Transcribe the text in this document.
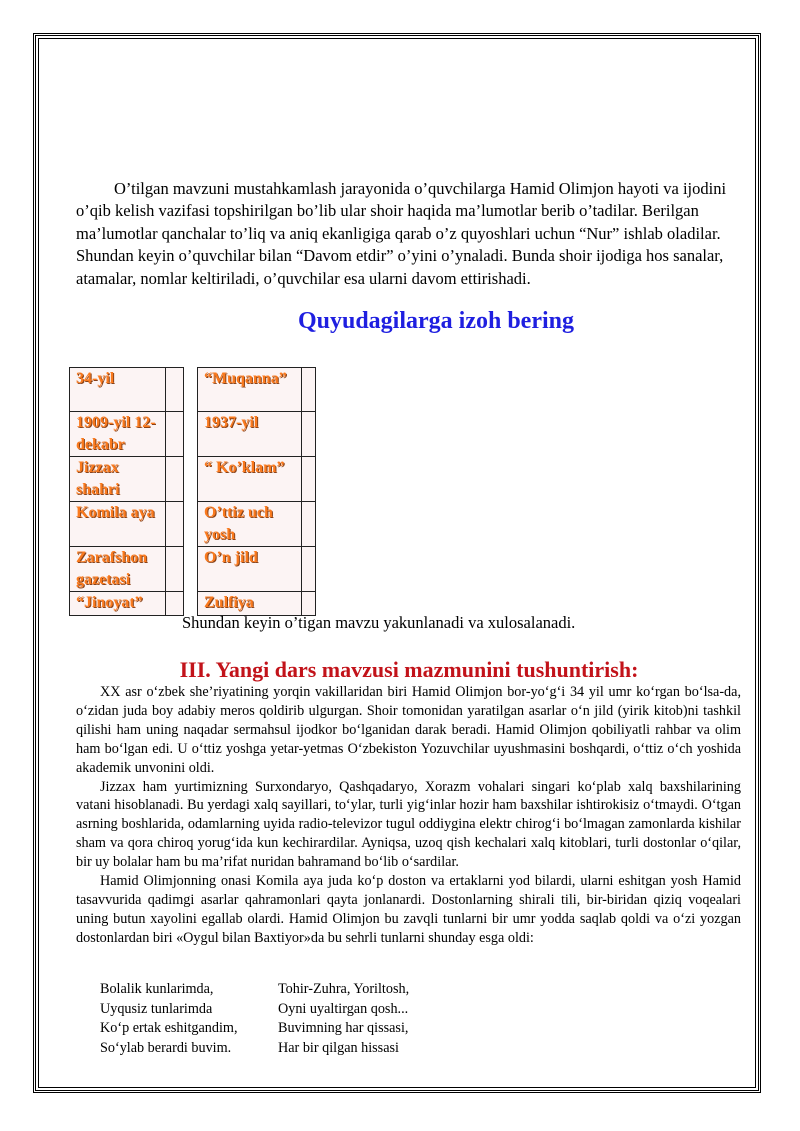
O’tilgan mavzuni mustahkamlash jarayonida o’quvchilarga Hamid Olimjon hayoti va ijodini o’qib kelish vazifasi topshirilgan bo’lib ular shoir haqida ma’lumotlar berib o’tadilar. Berilgan ma’lumotlar qanchalar to’liq va aniq ekanligiga qarab o’z quyoshlari uchun “Nur” ishlab oladilar. Shundan keyin o’quvchilar bilan “Davom etdir” o’yini o’ynaladi. Bunda shoir ijodiga hos sanalar, atamalar, nomlar keltiriladi, o’quvchilar esa ularni davom ettirishadi.

Quyudagilarga izoh bering
34-yil			“Muqanna”	
1909-yil 12-dekabr			1937-yil	
Jizzax shahri			“ Ko’klam”	
Komila aya			O’ttiz uch yosh	
Zarafshon gazetasi			O’n jild	
“Jinoyat”			Zulfiya	

Shundan keyin o’tigan mavzu yakunlanadi va xulosalanadi.

III. Yangi dars mavzusi mazmunini tushuntirish:

XX asr o‘zbek she’riyatining yorqin vakillaridan biri Hamid Olimjon bor-yo‘g‘i 34 yil umr ko‘rgan bo‘lsa-da, o‘zidan juda boy adabiy meros qoldirib ulgurgan. Shoir tomonidan yaratilgan asarlar o‘n jild (yirik kitob)ni tashkil qilishi ham uning naqadar sermahsul ijodkor bo‘lganidan darak beradi. Hamid Olimjon qobiliyatli rahbar va olim ham bo‘lgan edi. U o‘ttiz yoshga yetar-yetmas O‘zbekiston Yozuvchilar uyushmasini boshqardi, o‘ttiz o‘ch yoshida akademik unvonini oldi.

Jizzax ham yurtimizning Surxondaryo, Qashqadaryo, Xorazm vohalari singari ko‘plab xalq baxshilarining vatani hisoblanadi. Bu yerdagi xalq sayillari, to‘ylar, turli yig‘inlar hozir ham baxshilar ishtirokisiz o‘tmaydi. O‘tgan asrning boshlarida, odamlarning uyida radio-televizor tugul oddiygina elektr chirog‘i bo‘lmagan zamonlarda kishilar sham va qora chiroq yorug‘ida kun kechirardilar. Ayniqsa, uzoq qish kechalari xalq kitoblari, turli dostonlar o‘qilar, bir uy bolalar ham bu ma’rifat nuridan bahramand bo‘lib o‘sardilar.

Hamid Olimjonning onasi Komila aya juda ko‘p doston va ertaklarni yod bilardi, ularni eshitgan yosh Hamid tasavvurida qadimgi asarlar qahramonlari qayta jonlanardi. Dostonlarning shirali tili, bir-biridan qiziq voqealari uning butun xayolini egallab olardi. Hamid Olimjon bu zavqli tunlarni bir umr yodda saqlab qoldi va o‘zi yozgan dostonlardan biri «Oygul bilan Baxtiyor»da bu sehrli tunlarni shunday esga oldi:

Bolalik kunlarimda,	Tohir-Zuhra, Yoriltosh,
Uyqusiz tunlarimda	Oyni uyaltirgan qosh...
Ko‘p ertak eshitgandim,	Buvimning har qissasi,
So‘ylab berardi buvim.	Har bir qilgan hissasi
